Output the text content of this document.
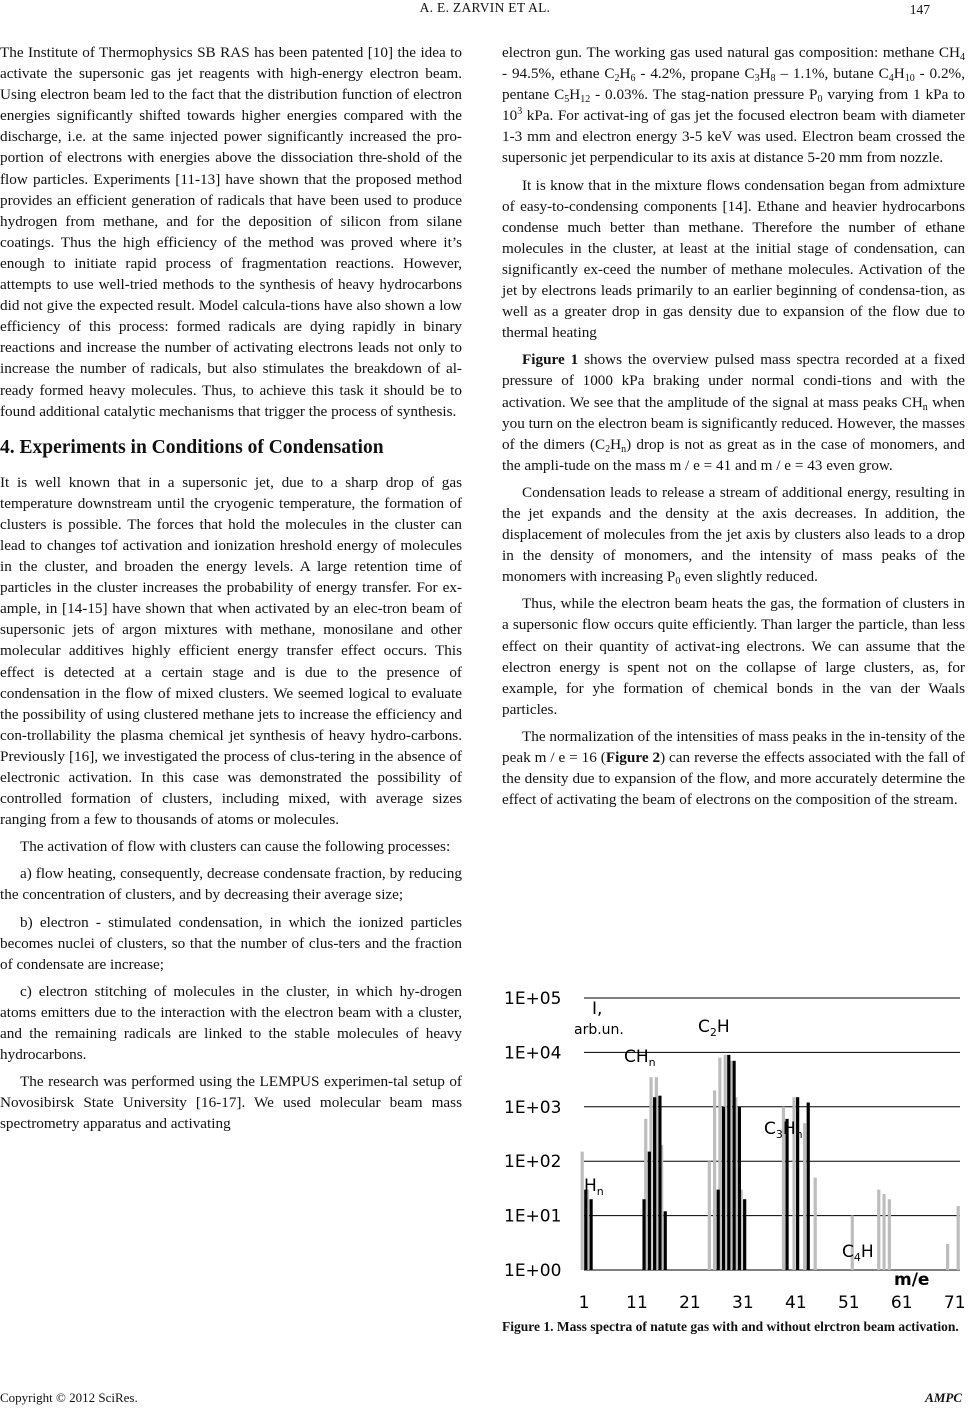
A. E. ZARVIN ET AL.	147

The Institute of Thermophysics SB RAS has been patented [10] the idea to activate the supersonic gas jet reagents with high-energy electron beam. Using electron beam led to the fact that the distribution function of electron energies significantly shifted towards higher energies compared with the discharge, i.e. at the same injected power significantly increased the pro-portion of electrons with energies above the dissociation thre-shold of the flow particles. Experiments [11-13] have shown that the proposed method provides an efficient generation of radicals that have been used to produce hydrogen from methane, and for the deposition of silicon from silane coatings. Thus the high efficiency of the method was proved where it’s enough to initiate rapid process of fragmentation reactions. However, attempts to use well-tried methods to the synthesis of heavy hydrocarbons did not give the expected result. Model calcula-tions have also shown a low efficiency of this process: formed radicals are dying rapidly in binary reactions and increase the number of activating electrons leads not only to increase the number of radicals, but also stimulates the breakdown of al-ready formed heavy molecules. Thus, to achieve this task it should be to found additional catalytic mechanisms that trigger the process of synthesis.

4. Experiments in Conditions of Condensation

It is well known that in a supersonic jet, due to a sharp drop of gas temperature downstream until the cryogenic temperature, the formation of clusters is possible. The forces that hold the molecules in the cluster can lead to changes tof activation and ionization hreshold energy of molecules in the cluster, and broaden the energy levels. A large retention time of particles in the cluster increases the probability of energy transfer. For ex-ample, in [14-15] have shown that when activated by an elec-tron beam of supersonic jets of argon mixtures with methane, monosilane and other molecular additives highly efficient energy transfer effect occurs. This effect is detected at a certain stage and is due to the presence of condensation in the flow of mixed clusters. We seemed logical to evaluate the possibility of using clustered methane jets to increase the efficiency and con-trollability the plasma chemical jet synthesis of heavy hydro-carbons. Previously [16], we investigated the process of clus-tering in the absence of electronic activation. In this case was demonstrated the possibility of controlled formation of clusters, including mixed, with average sizes ranging from a few to thousands of atoms or molecules.

The activation of flow with clusters can cause the following processes:

a) flow heating, consequently, decrease condensate fraction, by reducing the concentration of clusters, and by decreasing their average size;

b) electron - stimulated condensation, in which the ionized particles becomes nuclei of clusters, so that the number of clus-ters and the fraction of condensate are increase;

c) electron stitching of molecules in the cluster, in which hy-drogen atoms emitters due to the interaction with the electron beam with a cluster, and the remaining radicals are linked to the stable molecules of heavy hydrocarbons.

The research was performed using the LEMPUS experimen-tal setup of Novosibirsk State University [16-17]. We used molecular beam mass spectrometry apparatus and activating

electron gun. The working gas used natural gas composition: methane $CH_4 - 94.5\%$, ethane $C_2H_6 - 4.2\%$, propane $C_3H_8 - 1.1\%$, butane $C_4H_{10} - 0.2\%$, pentane $C_5H_{12} - 0.03\%$. The stag-nation pressure $P_0$ varying from 1 kPa to $10^3$ kPa. For activat-ing of gas jet the focused electron beam with diameter 1-3 mm and electron energy 3-5 keV was used. Electron beam crossed the supersonic jet perpendicular to its axis at distance 5-20 mm from nozzle.

It is know that in the mixture flows condensation began from admixture of easy-to-condensing components [14]. Ethane and heavier hydrocarbons condense much better than methane. Therefore the number of ethane molecules in the cluster, at least at the initial stage of condensation, can significantly ex-ceed the number of methane molecules. Activation of the jet by electrons leads primarily to an earlier beginning of condensa-tion, as well as a greater drop in gas density due to expansion of the flow due to thermal heating

Figure 1 shows the overview pulsed mass spectra recorded at a fixed pressure of 1000 kPa braking under normal condi-tions and with the activation. We see that the amplitude of the signal at mass peaks $CH_n$ when you turn on the electron beam is significantly reduced. However, the masses of the dimers $(C_2H_n)$ drop is not as great as in the case of monomers, and the ampli-tude on the mass m / e = 41 and m / e = 43 even grow.

Condensation leads to release a stream of additional energy, resulting in the jet expands and the density at the axis decreases. In addition, the displacement of molecules from the jet axis by clusters also leads to a drop in the density of monomers, and the intensity of mass peaks of the monomers with increasing $P_0$ even slightly reduced.

Thus, while the electron beam heats the gas, the formation of clusters in a supersonic flow occurs quite efficiently. Than larger the particle, than less effect on their quantity of activat-ing electrons. We can assume that the electron energy is spent not on the collapse of large clusters, as, for example, for yhe formation of chemical bonds in the van der Waals particles.

The normalization of the intensities of mass peaks in the in-tensity of the peak m / e = 16 (Figure 2) can reverse the effects associated with the fall of the density due to expansion of the flow, and more accurately determine the effect of activating the beam of electrons on the composition of the stream.

1E+00
1E+01
1E+02
1E+03
1E+04
1E+05
1 11 21 31 41 51 61 71
I,
arb.un.
m/e
$CH_n$
$C_2H$
$C_3H_n$
$H_n$
$C_4H$
Figure 1. Mass spectra of natute gas with and without elrctron beam activation.
Copyright © 2012 SciRes.	AMPC
